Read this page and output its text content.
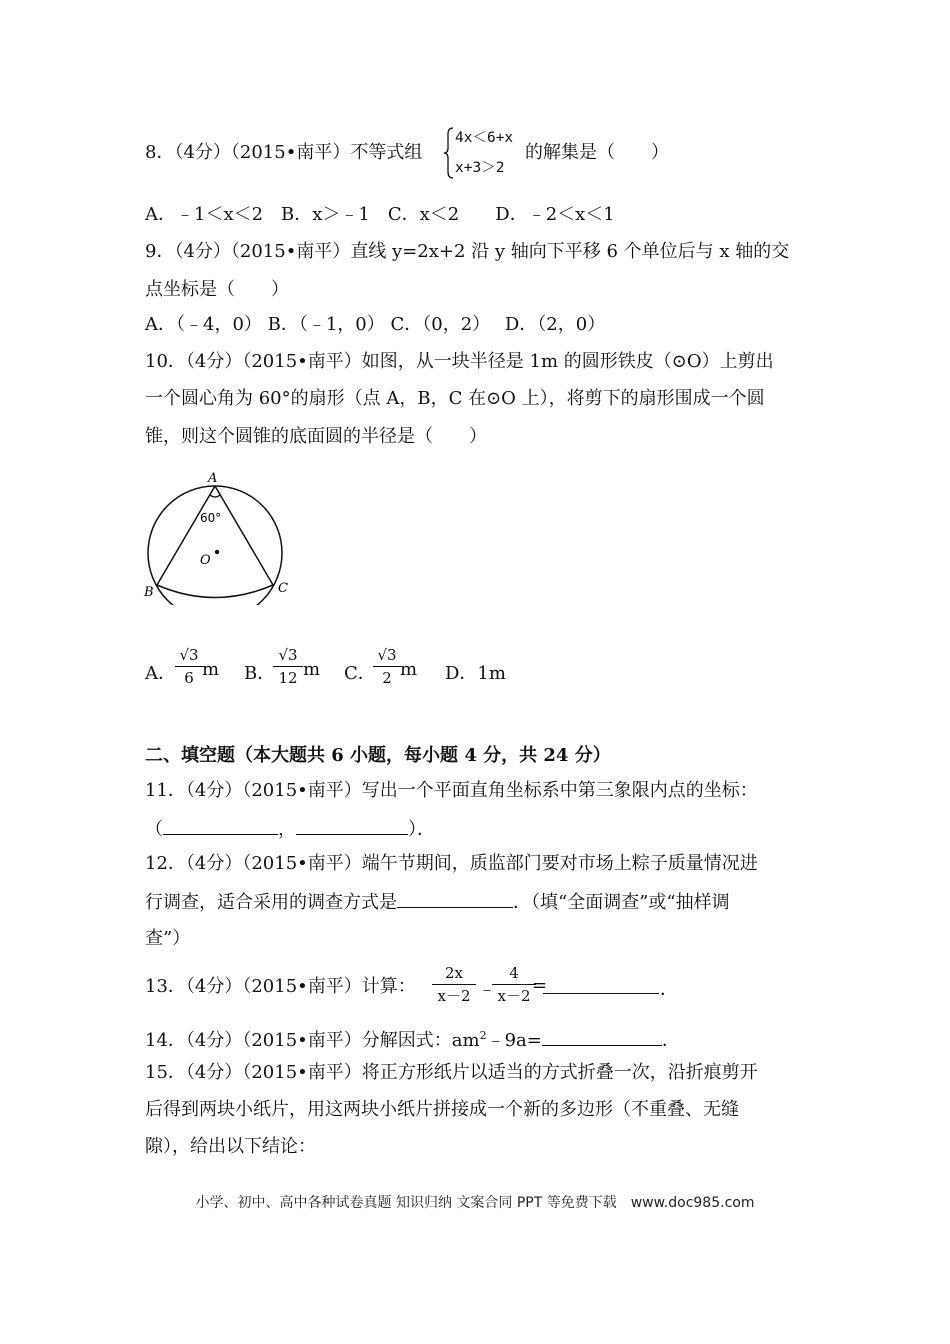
8．（4分）（2015•南平）不等式组
4x＜6+x
x+3＞2
的解集是（　　）
A．﹣1＜x＜2　B．x＞﹣1　C．x＜2　　D．﹣2＜x＜1
9．（4分）（2015•南平）直线 y=2x+2 沿 y 轴向下平移 6 个单位后与 x 轴的交
点坐标是（　　）
A．（﹣4，0） B．（﹣1，0） C．（0，2）　 D．（2，0）
10．（4分）（2015•南平）如图，从一块半径是 1m 的圆形铁皮（⊙O）上剪出
一个圆心角为 60°的扇形（点 A，B，C 在⊙O 上），将剪下的扇形围成一个圆
锥，则这个圆锥的底面圆的半径是（　　）
A
B	C
O
60°
A．
√3
6 m B．
√3
12 m C．
√3
2 m D．1m
二、填空题（本大题共 6 小题，每小题 4 分，共 24 分）
11．（4分）（2015•南平）写出一个平面直角坐标系中第三象限内点的坐标：
（	，	）．
12．（4分）（2015•南平）端午节期间，质监部门要对市场上粽子质量情况进
行调查，适合采用的调查方式是	．（填“全面调查”或“抽样调
查”）
13．（4分）（2015•南平）计算：
2x
x－2 ﹣
4
x－2 =	．
14．（4分）（2015•南平）分解因式：$am^2﹣9a=$	．
15．（4分）（2015•南平）将正方形纸片以适当的方式折叠一次，沿折痕剪开
后得到两块小纸片，用这两块小纸片拼接成一个新的多边形（不重叠、无缝
隙），给出以下结论：
小学、初中、高中各种试卷真题 知识归纳 文案合同 PPT 等免费下载　www.doc985.com
